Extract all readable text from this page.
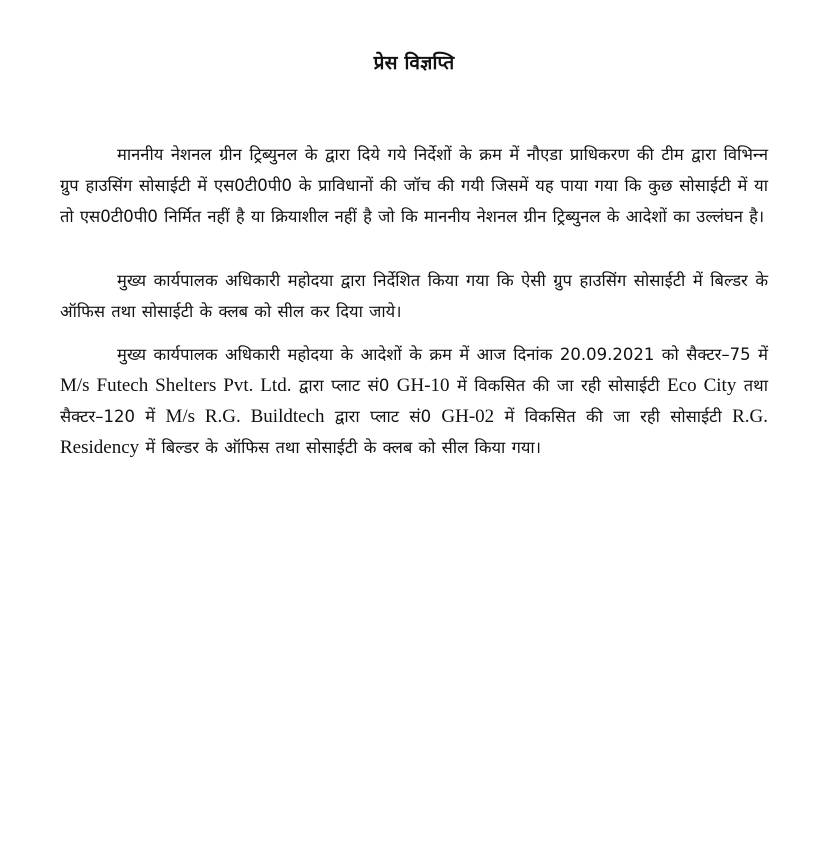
प्रेस विज्ञप्ति

माननीय नेशनल ग्रीन ट्रिब्युनल के द्वारा दिये गये निर्देशों के क्रम में नौएडा प्राधिकरण की टीम द्वारा विभिन्‍न ग्रुप हाउसिंग सोसाईटी में एस0टी0पी0 के प्राविधानों की जॉच की गयी जिसमें यह पाया गया कि कुछ सोसाईटी में या तो एस0टी0पी0 निर्मित नहीं है या क्रियाशील नहीं है जो कि माननीय नेशनल ग्रीन ट्रिब्युनल के आदेशों का उल्लंघन है।

मुख्य कार्यपालक अधिकारी महोदया द्वारा निर्देशित किया गया कि ऐसी ग्रुप हाउसिंग सोसाईटी में बिल्डर के ऑफिस तथा सोसाईटी के क्लब को सील कर दिया जाये।

मुख्य कार्यपालक अधिकारी महोदया के आदेशों के क्रम में आज दिनांक 20.09.2021 को सैक्टर–75 में M/s Futech Shelters Pvt. Ltd. द्वारा प्लाट सं0 GH-10 में विकसित की जा रही सोसाईटी Eco City तथा सैक्टर–120 में M/s R.G. Buildtech द्वारा प्लाट सं0 GH-02 में विकसित की जा रही सोसाईटी R.G. Residency में बिल्डर के ऑफिस तथा सोसाईटी के क्लब को सील किया गया।
